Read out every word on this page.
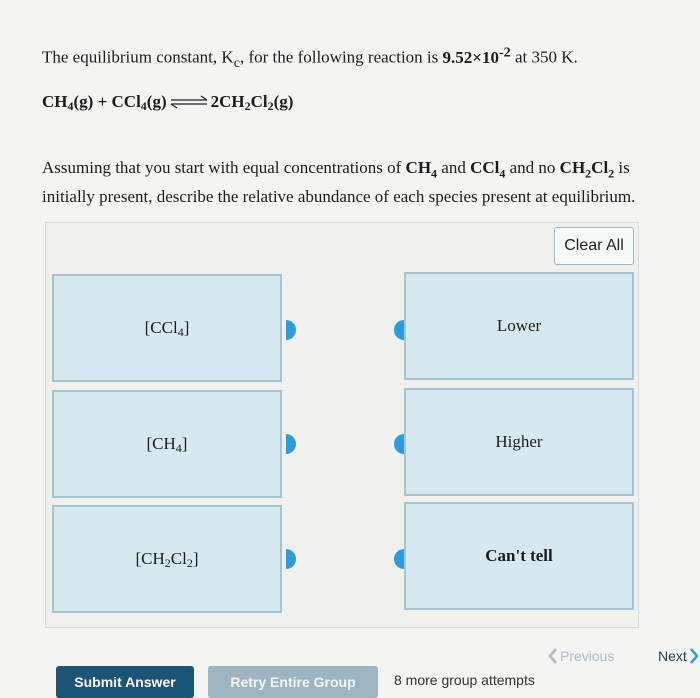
The equilibrium constant, $K_c$, for the following reaction is $9.52\times 10^{-2}$ at 350 K.

$CH_4(g) + CCl_4(g)$ ⇌ $2CH_2Cl_2(g)$

Assuming that you start with equal concentrations of $CH_4$ and CCl$_4$ and no $CH_2Cl_2$ is initially present, describe the relative abundance of each species present at equilibrium.

Clear All
[CCl$_4$]
$[CH_4]$
$[CH_2Cl_2]$
Lower
Higher
Can't tell
Submit Answer	Retry Entire Group	8 more group attempts
Previous	Next
